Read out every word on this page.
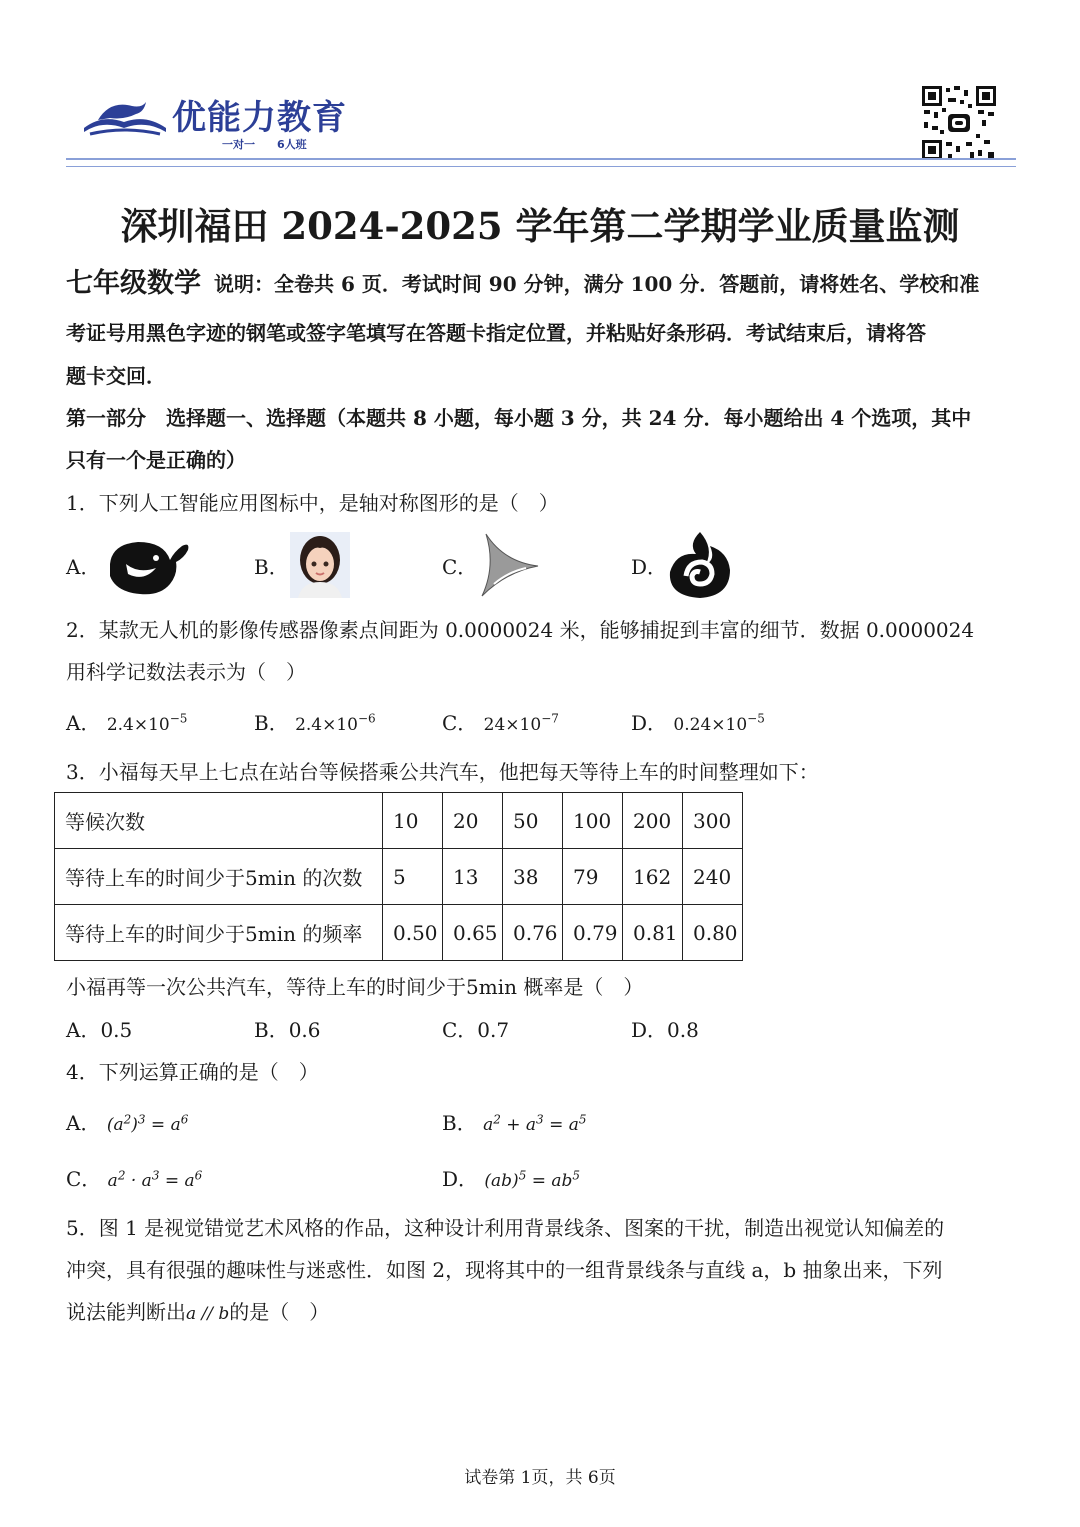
优能力教育
一对一 6人班
深圳福田 2024-2025 学年第二学期学业质量监测
七年级数学 说明：全卷共 6 页．考试时间 90 分钟，满分 100 分．答题前，请将姓名、学校和准
考证号用黑色字迹的钢笔或签字笔填写在答题卡指定位置，并粘贴好条形码．考试结束后，请将答
题卡交回．
第一部分　选择题一、选择题（本题共 8 小题，每小题 3 分，共 24 分．每小题给出 4 个选项，其中
只有一个是正确的）
1．下列人工智能应用图标中，是轴对称图形的是（　）
A．	B．	C．	D．
2．某款无人机的影像传感器像素点间距为 0.0000024 米，能够捕捉到丰富的细节．数据 0.0000024
用科学记数法表示为（　）
A． $2.4\times 10^{-5}$	B． $2.4\times 10^{-6}$	C． $24\times 10^{-7}$	D． $0.24\times 10^{-5}$
3．小福每天早上七点在站台等候搭乘公共汽车，他把每天等待上车的时间整理如下：
等候次数	10	20	50	100	200	300
等待上车的时间少于5min 的次数	5	13	38	79	162	240
等待上车的时间少于5min 的频率	0.50	0.65	0.76	0.79	0.81	0.80
小福再等一次公共汽车，等待上车的时间少于5min 概率是（　）
A．0.5	B．0.6	C．0.7	D．0.8
4．下列运算正确的是（　）
A． $(a^2)^3 = a^6$	B． $a^2 + a^3 = a^5$
C． $a^2 \cdot a^3 = a^6$	D． $(ab)^5 = ab^5$
5．图 1 是视觉错觉艺术风格的作品，这种设计利用背景线条、图案的干扰，制造出视觉认知偏差的
冲突，具有很强的趣味性与迷惑性．如图 2，现将其中的一组背景线条与直线 a，b 抽象出来，下列
说法能判断出a // b的是（　）
试卷第 1页，共 6页
